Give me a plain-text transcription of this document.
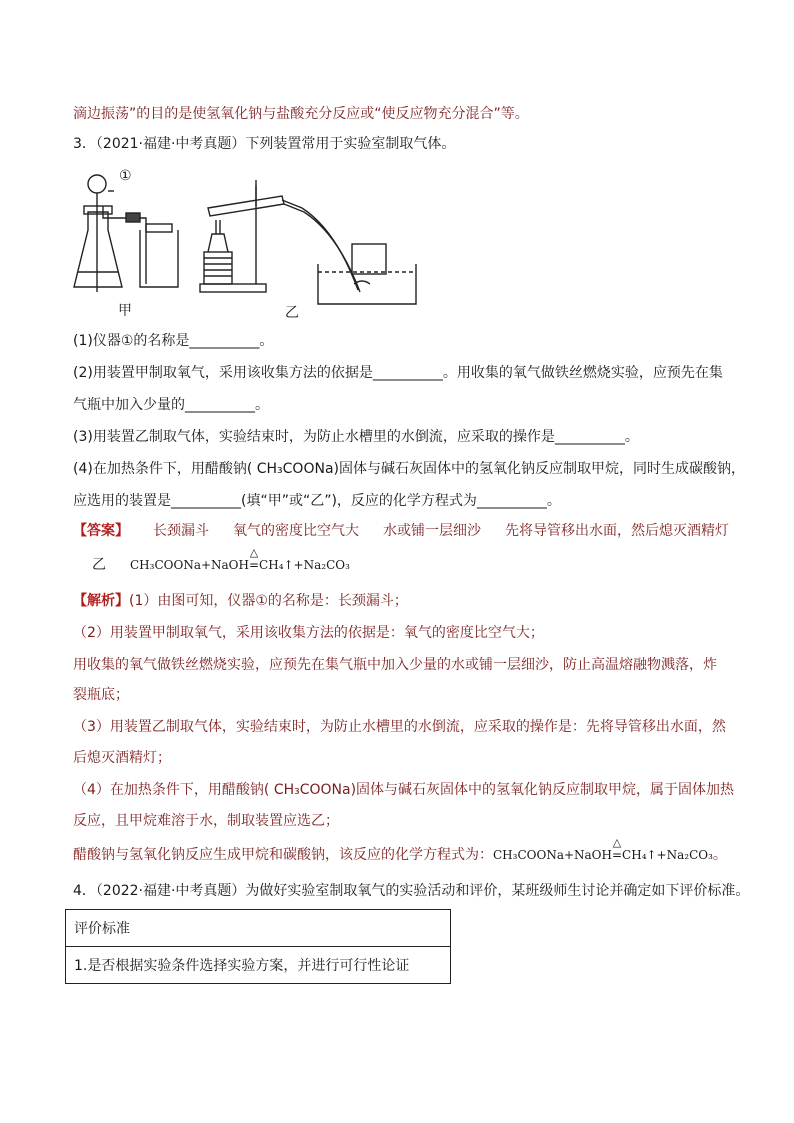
滴边振荡”的目的是使氢氧化钠与盐酸充分反应或“使反应物充分混合”等。
3．（2021·福建·中考真题）下列装置常用于实验室制取气体。
①
甲	乙
(1)仪器①的名称是__________。
(2)用装置甲制取氧气，采用该收集方法的依据是__________。用收集的氧气做铁丝燃烧实验，应预先在集
气瓶中加入少量的__________。
(3)用装置乙制取气体，实验结束时，为防止水槽里的水倒流，应采取的操作是__________。
(4)在加热条件下，用醋酸钠( CH₃COONa)固体与碱石灰固体中的氢氧化钠反应制取甲烷，同时生成碳酸钠，
应选用的装置是__________(填“甲”或“乙”)，反应的化学方程式为__________。
【答案】 长颈漏斗 氧气的密度比空气大 水或铺一层细沙 先将导管移出水面，然后熄灭酒精灯
乙 CH₃COONa+NaOH=
△
CH₄↑+Na₂CO₃
【解析】(1）由图可知，仪器①的名称是：长颈漏斗；
（2）用装置甲制取氧气，采用该收集方法的依据是：氧气的密度比空气大；
用收集的氧气做铁丝燃烧实验，应预先在集气瓶中加入少量的水或铺一层细沙，防止高温熔融物溅落，炸
裂瓶底；
（3）用装置乙制取气体，实验结束时，为防止水槽里的水倒流，应采取的操作是：先将导管移出水面，然
后熄灭酒精灯；
（4）在加热条件下，用醋酸钠( CH₃COONa)固体与碱石灰固体中的氢氧化钠反应制取甲烷，属于固体加热
反应，且甲烷难溶于水，制取装置应选乙；
醋酸钠与氢氧化钠反应生成甲烷和碳酸钠，该反应的化学方程式为：CH₃COONa+NaOH=
△
CH₄↑+Na₂CO₃。
4．（2022·福建·中考真题）为做好实验室制取氧气的实验活动和评价，某班级师生讨论并确定如下评价标准。
评价标准
1.是否根据实验条件选择实验方案，并进行可行性论证
